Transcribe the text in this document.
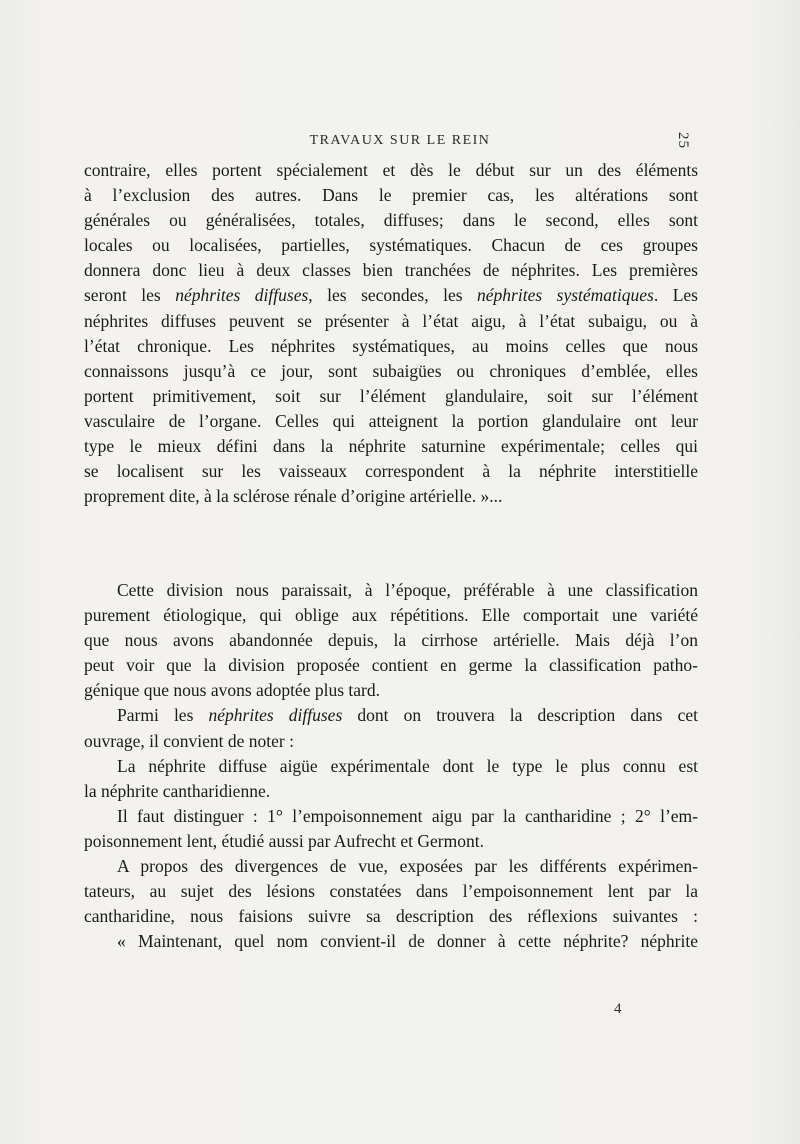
TRAVAUX SUR LE REIN	25
contraire, elles portent spécialement et dès le début sur un des éléments
à l’exclusion des autres. Dans le premier cas, les altérations sont
générales ou généralisées, totales, diffuses; dans le second, elles sont
locales ou localisées, partielles, systématiques. Chacun de ces groupes
donnera donc lieu à deux classes bien tranchées de néphrites. Les premières
seront les néphrites diffuses, les secondes, les néphrites systématiques. Les
néphrites diffuses peuvent se présenter à l’état aigu, à l’état subaigu, ou à
l’état chronique. Les néphrites systématiques, au moins celles que nous
connaissons jusqu’à ce jour, sont subaigües ou chroniques d’emblée, elles
portent primitivement, soit sur l’élément glandulaire, soit sur l’élément
vasculaire de l’organe. Celles qui atteignent la portion glandulaire ont leur
type le mieux défini dans la néphrite saturnine expérimentale; celles qui
se localisent sur les vaisseaux correspondent à la néphrite interstitielle
proprement dite, à la sclérose rénale d’origine artérielle. »...
Cette division nous paraissait, à l’époque, préférable à une classification
purement étiologique, qui oblige aux répétitions. Elle comportait une variété
que nous avons abandonnée depuis, la cirrhose artérielle. Mais déjà l’on
peut voir que la division proposée contient en germe la classification patho-
génique que nous avons adoptée plus tard.
Parmi les néphrites diffuses dont on trouvera la description dans cet
ouvrage, il convient de noter :
La néphrite diffuse aigüe expérimentale dont le type le plus connu est
la néphrite cantharidienne.
Il faut distinguer : 1° l’empoisonnement aigu par la cantharidine ; 2° l’em-
poisonnement lent, étudié aussi par Aufrecht et Germont.
A propos des divergences de vue, exposées par les différents expérimen-
tateurs, au sujet des lésions constatées dans l’empoisonnement lent par la
cantharidine, nous faisions suivre sa description des réflexions suivantes :
« Maintenant, quel nom convient-il de donner à cette néphrite? néphrite
4
